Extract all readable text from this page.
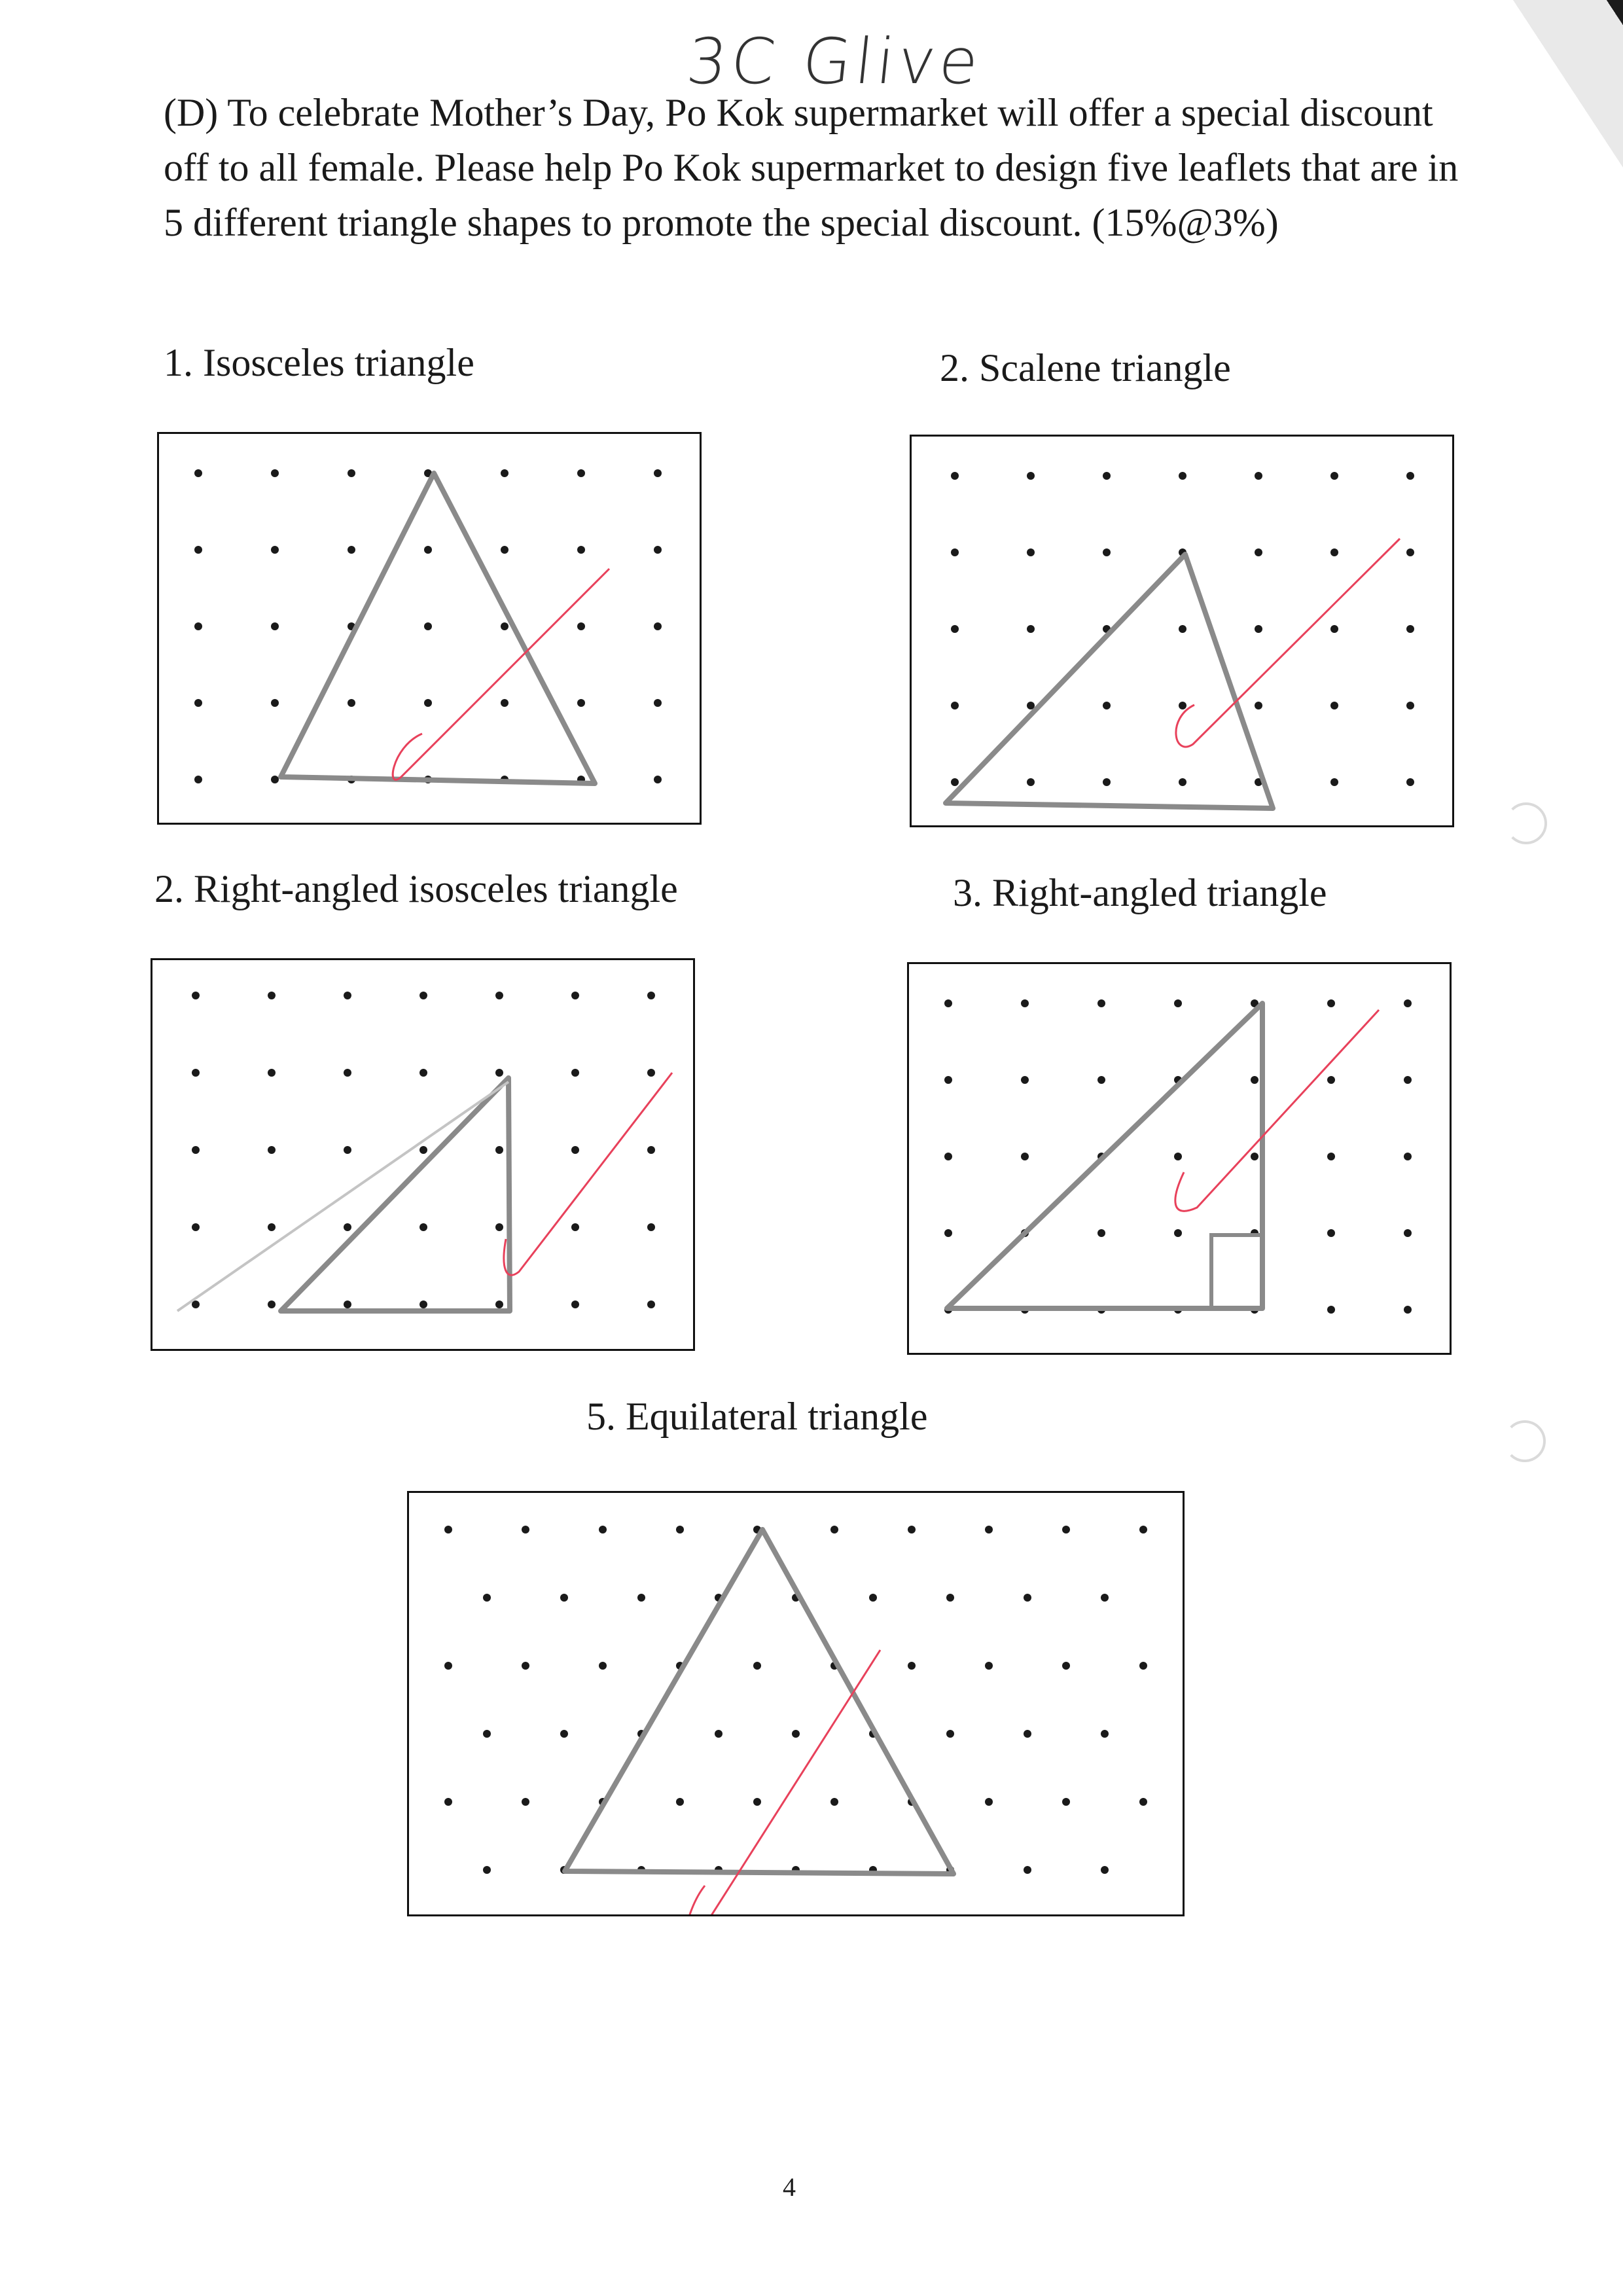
3C Glive
(D) To celebrate Mother’s Day, Po Kok supermarket will offer a special discount off to all female. Please help Po Kok supermarket to design five leaflets that are in 5 different triangle shapes to promote the special discount. (15%@3%)
1. Isosceles triangle	2. Scalene triangle
2. Right-angled isosceles triangle	3. Right-angled triangle
5. Equilateral triangle
4
